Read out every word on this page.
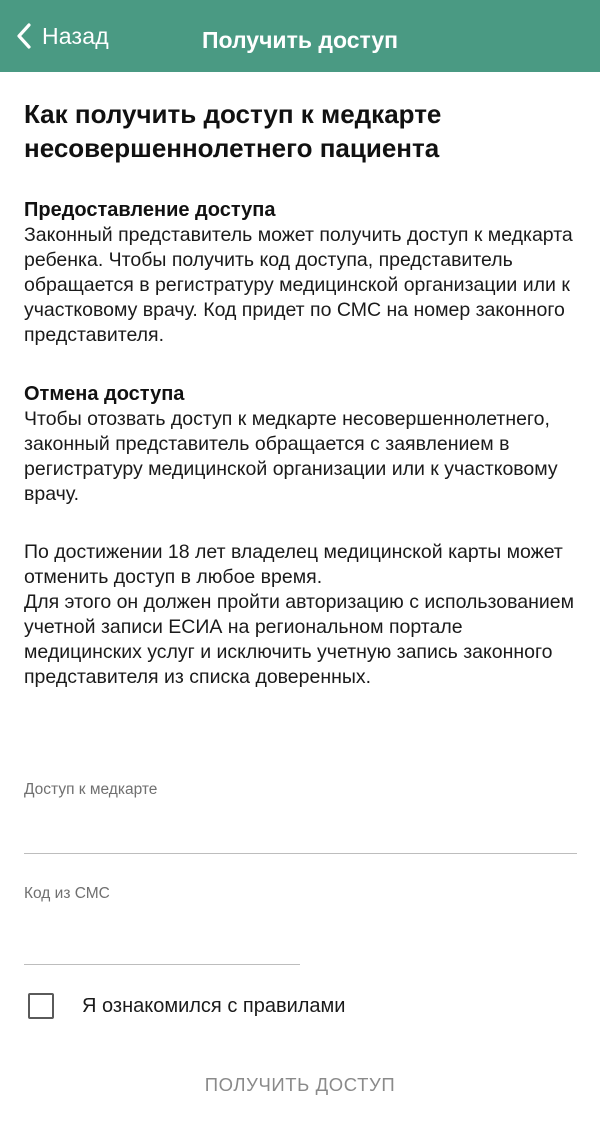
Назад	Получить доступ
Как получить доступ к медкарте несовершеннолетнего пациента

Предоставление доступа

Законный представитель может получить доступ к медкарта ребенка. Чтобы получить код доступа, представитель обращается в регистратуру медицинской организации или к участковому врачу. Код придет по СМС на номер законного представителя.

Отмена доступа

Чтобы отозвать доступ к медкарте несовершеннолетнего, законный представитель обращается с заявлением в регистратуру медицинской организации или к участковому врачу.

По достижении 18 лет владелец медицинской карты может отменить доступ в любое время.

Для этого он должен пройти авторизацию с использованием учетной записи ЕСИА на региональном портале медицинских услуг и исключить учетную запись законного представителя из списка доверенных.

Доступ к медкарте
Код из СМС
Я ознакомился с правилами
ПОЛУЧИТЬ ДОСТУП
